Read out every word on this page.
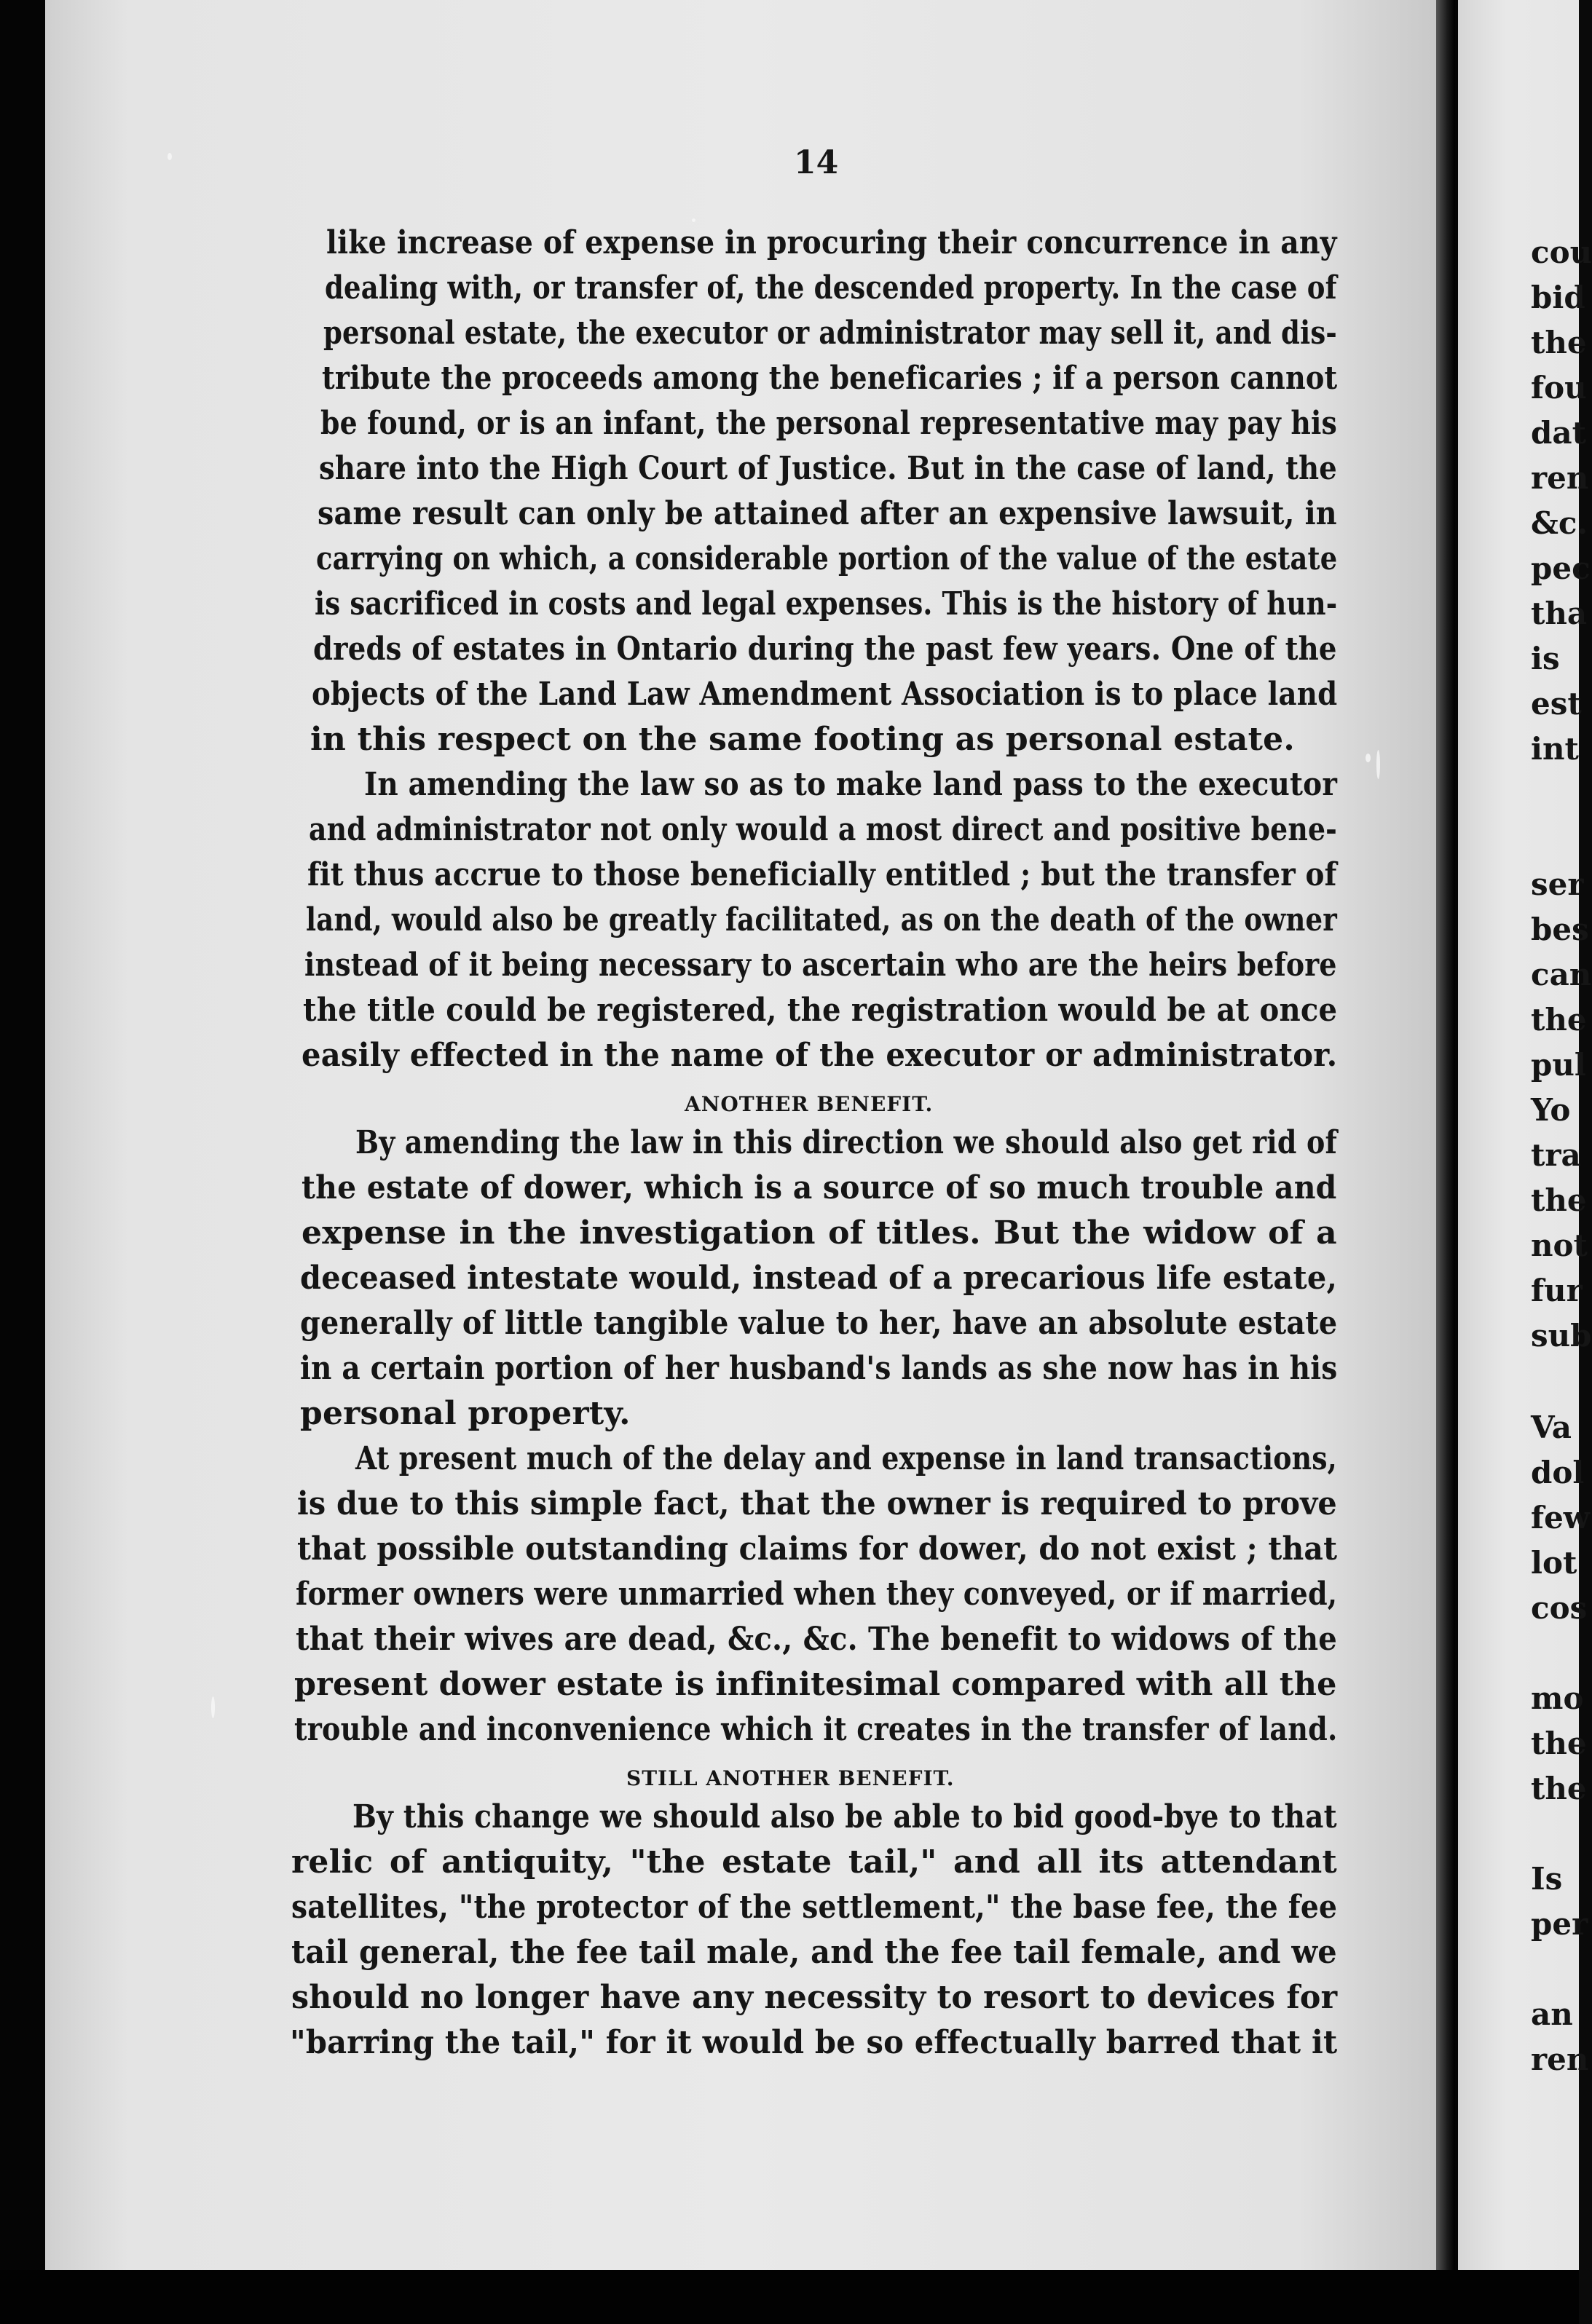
14
like increase of expense in procuring their concurrence in any
dealing with, or transfer of, the descended property. In the case of
personal estate, the executor or administrator may sell it, and dis-
tribute the proceeds among the beneficaries ; if a person cannot
be found, or is an infant, the personal representative may pay his
share into the High Court of Justice. But in the case of land, the
same result can only be attained after an expensive lawsuit, in
carrying on which, a considerable portion of the value of the estate
is sacrificed in costs and legal expenses. This is the history of hun-
dreds of estates in Ontario during the past few years. One of the
objects of the Land Law Amendment Association is to place land
in this respect on the same footing as personal estate.
In amending the law so as to make land pass to the executor
and administrator not only would a most direct and positive bene-
fit thus accrue to those beneficially entitled ; but the transfer of
land, would also be greatly facilitated, as on the death of the owner
instead of it being necessary to ascertain who are the heirs before
the title could be registered, the registration would be at once
easily effected in the name of the executor or administrator.
ANOTHER BENEFIT.
By amending the law in this direction we should also get rid of
the estate of dower, which is a source of so much trouble and
expense in the investigation of titles. But the widow of a
deceased intestate would, instead of a precarious life estate,
generally of little tangible value to her, have an absolute estate
in a certain portion of her husband's lands as she now has in his
personal property.
At present much of the delay and expense in land transactions,
is due to this simple fact, that the owner is required to prove
that possible outstanding claims for dower, do not exist ; that
former owners were unmarried when they conveyed, or if married,
that their wives are dead, &c., &c. The benefit to widows of the
present dower estate is infinitesimal compared with all the
trouble and inconvenience which it creates in the transfer of land.
STILL ANOTHER BENEFIT.
By this change we should also be able to bid good-bye to that
relic of antiquity, "the estate tail," and all its attendant
satellites, "the protector of the settlement," the base fee, the fee
tail general, the fee tail male, and the fee tail female, and we
should no longer have any necessity to resort to devices for
"barring the tail," for it would be so effectually barred that it
cou
bid
the
fou
dat
ren
&c.
pec
tha
is
est
int
ser
bes
can
the
pul
Yo
tra
the
not
fur
sub
Va
dol
few
lot
cos
mo
the
the
Is
per
an
ren
